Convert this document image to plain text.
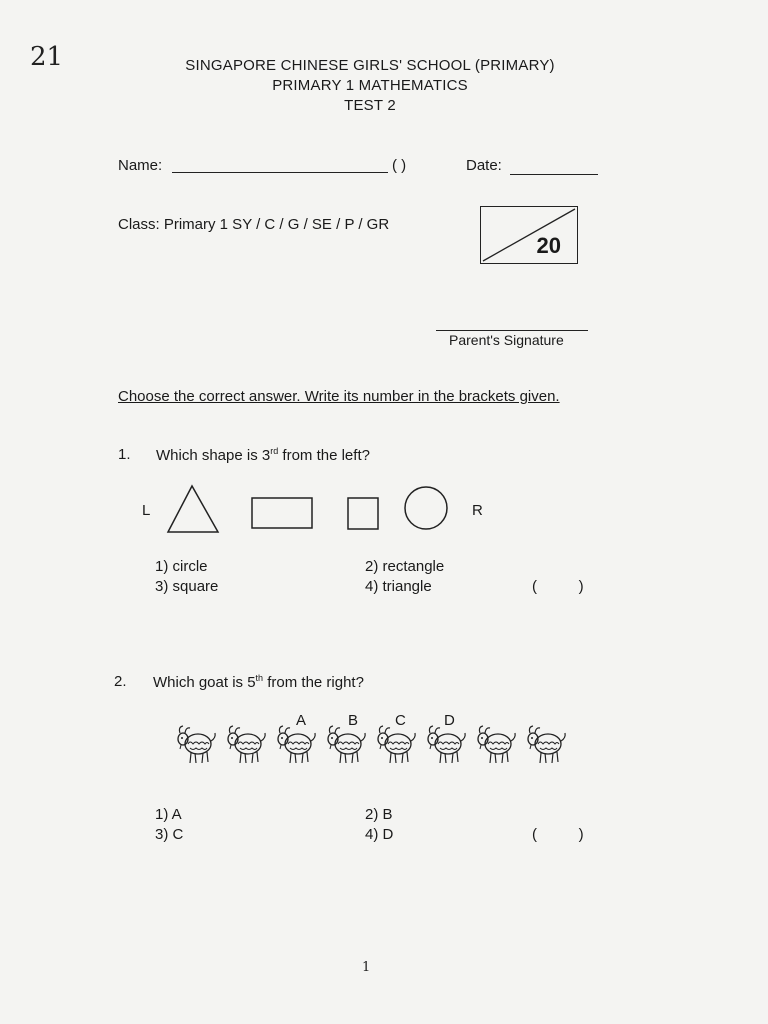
21	SINGAPORE CHINESE GIRLS' SCHOOL (PRIMARY)
PRIMARY 1 MATHEMATICS
TEST 2
Name:	( )	Date:
Class: Primary 1 SY / C / G / SE / P / GR
20
Parent's Signature
Choose the correct answer. Write its number in the brackets given.
1. Which shape is 3rd from the left?
L	R
1) circle	2) rectangle
3) square	4) triangle	(          )
2. Which goat is 5th from the right?
A	B C	D
1) A	2) B
3) C	4) D	(          )
1
